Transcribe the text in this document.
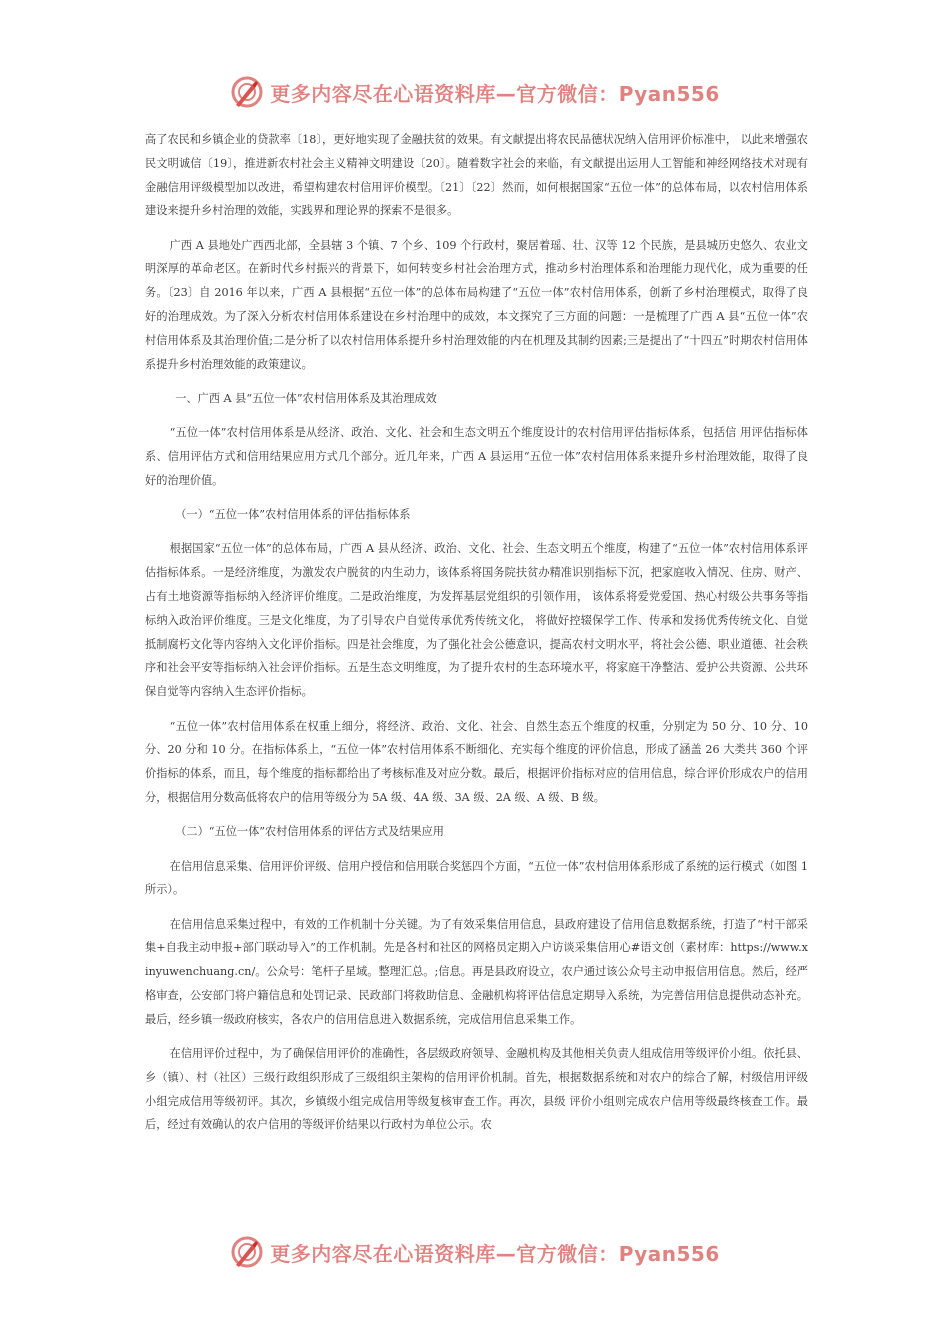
更多内容尽在心语资料库—官方微信：Pyan556

高了农民和乡镇企业的贷款率〔18〕，更好地实现了金融扶贫的效果。有文献提出将农民品德状况纳入信用评价标准中， 以此来增强农民文明诚信〔19〕，推进新农村社会主义精神文明建设〔20〕。随着数字社会的来临，有文献提出运用人工智能和神经网络技术对现有金融信用评级模型加以改进，希望构建农村信用评价模型。〔21〕〔22〕然而，如何根据国家“五位一体”的总体布局，以农村信用体系建设来提升乡村治理的效能，实践界和理论界的探索不是很多。

广西 A 县地处广西西北部，全县辖 3 个镇、7 个乡、109 个行政村，聚居着瑶、壮、汉等 12 个民族，是县城历史悠久、农业文明深厚的革命老区。在新时代乡村振兴的背景下，如何转变乡村社会治理方式，推动乡村治理体系和治理能力现代化，成为重要的任务。〔23〕自 2016 年以来，广西 A 县根据“五位一体”的总体布局构建了“五位一体”农村信用体系，创新了乡村治理模式，取得了良好的治理成效。为了深入分析农村信用体系建设在乡村治理中的成效，本文探究了三方面的问题：一是梳理了广西 A 县“五位一体”农村信用体系及其治理价值;二是分析了以农村信用体系提升乡村治理效能的内在机理及其制约因素;三是提出了“十四五”时期农村信用体系提升乡村治理效能的政策建议。

一、广西 A 县“五位一体”农村信用体系及其治理成效

“五位一体”农村信用体系是从经济、政治、文化、社会和生态文明五个维度设计的农村信用评估指标体系，包括信 用评估指标体系、信用评估方式和信用结果应用方式几个部分。近几年来，广西 A 县运用“五位一体”农村信用体系来提升乡村治理效能，取得了良好的治理价值。

（一）“五位一体”农村信用体系的评估指标体系

根据国家“五位一体”的总体布局，广西 A 县从经济、政治、文化、社会、生态文明五个维度，构建了“五位一体”农村信用体系评估指标体系。一是经济维度，为激发农户脱贫的内生动力，该体系将国务院扶贫办精准识别指标下沉，把家庭收入情况、住房、财产、占有土地资源等指标纳入经济评价维度。二是政治维度，为发挥基层党组织的引领作用， 该体系将爱党爱国、热心村级公共事务等指标纳入政治评价维度。三是文化维度，为了引导农户自觉传承优秀传统文化， 将做好控辍保学工作、传承和发扬优秀传统文化、自觉抵制腐朽文化等内容纳入文化评价指标。四是社会维度，为了强化社会公德意识，提高农村文明水平，将社会公德、职业道德、社会秩序和社会平安等指标纳入社会评价指标。五是生态文明维度，为了提升农村的生态环境水平，将家庭干净整洁、爱护公共资源、公共环保自觉等内容纳入生态评价指标。

“五位一体”农村信用体系在权重上细分，将经济、政治、文化、社会、自然生态五个维度的权重，分别定为 50 分、10 分、10 分、20 分和 10 分。在指标体系上，“五位一体”农村信用体系不断细化、充实每个维度的评价信息，形成了涵盖 26 大类共 360 个评价指标的体系，而且，每个维度的指标都给出了考核标准及对应分数。最后，根据评价指标对应的信用信息，综合评价形成农户的信用分，根据信用分数高低将农户的信用等级分为 5A 级、4A 级、3A 级、2A 级、A 级、B 级。

（二）“五位一体”农村信用体系的评估方式及结果应用

在信用信息采集、信用评价评级、信用户授信和信用联合奖惩四个方面，“五位一体”农村信用体系形成了系统的运行模式（如图 1 所示）。

在信用信息采集过程中，有效的工作机制十分关键。为了有效采集信用信息，县政府建设了信用信息数据系统，打造了“村干部采集+自我主动申报+部门联动导入”的工作机制。先是各村和社区的网格员定期入户访谈采集信用心#语文创（素材库：https://www.xinyuwenchuang.cn/。公众号：笔杆子星域。整理汇总。;信息。再是县政府设立，农户通过该公众号主动申报信用信息。然后，经严格审查，公安部门将户籍信息和处罚记录、民政部门将救助信息、金融机构将评估信息定期导入系统，为完善信用信息提供动态补充。最后，经乡镇一级政府核实，各农户的信用信息进入数据系统，完成信用信息采集工作。

在信用评价过程中，为了确保信用评价的准确性，各层级政府领导、金融机构及其他相关负责人组成信用等级评价小组。依托县、乡（镇）、村（社区）三级行政组织形成了三级组织主架构的信用评价机制。首先，根据数据系统和对农户的综合了解，村级信用评级小组完成信用等级初评。其次，乡镇级小组完成信用等级复核审查工作。再次，县级 评价小组则完成农户信用等级最终核查工作。最后，经过有效确认的农户信用的等级评价结果以行政村为单位公示。农

更多内容尽在心语资料库—官方微信：Pyan556
